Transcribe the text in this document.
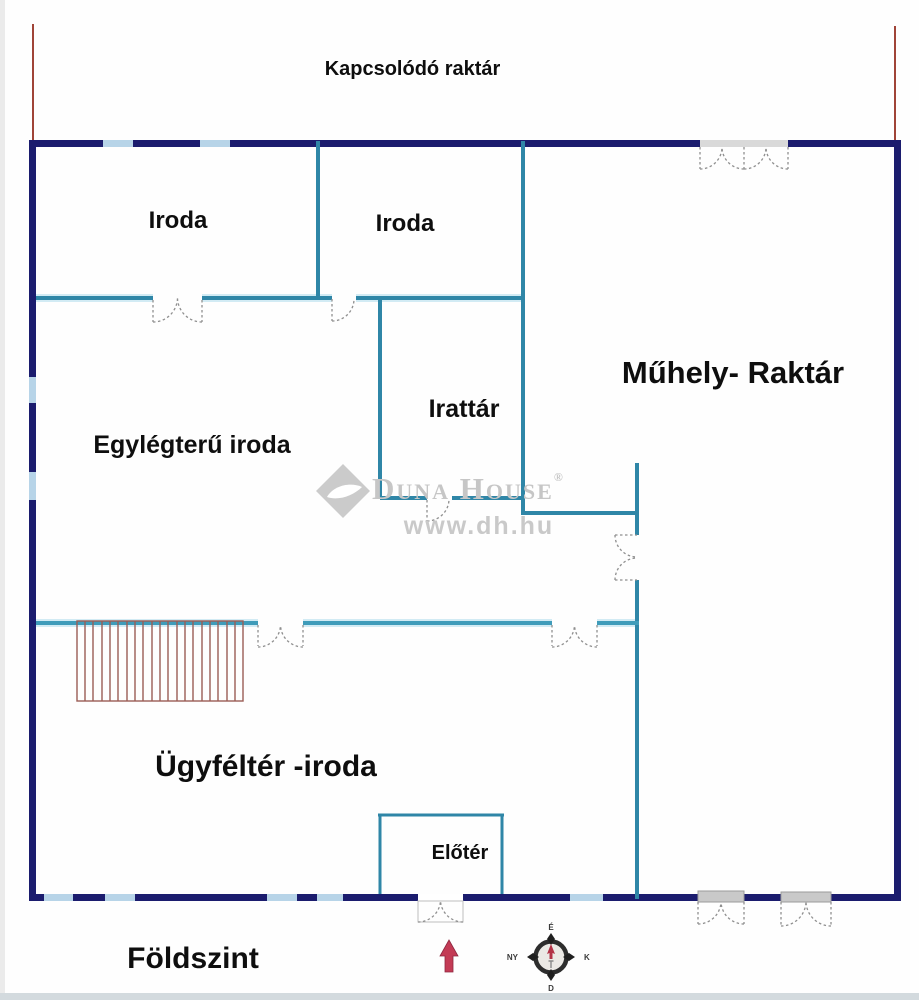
É
K
D
NY
Kapcsolódó raktár
Iroda	Iroda
Műhely- Raktár
Irattár
Egylégterű iroda
Ügyféltér -iroda
Előtér
Földszint
Duna House®
www.dh.hu
